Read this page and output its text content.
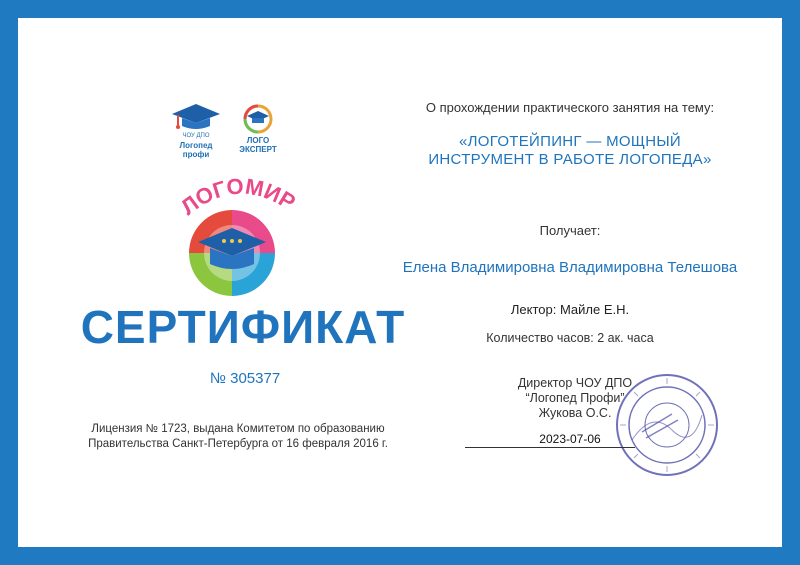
ЧОУ ДПО
Логопед
профи
ЛОГО
ЭКСПЕРТ
ЛОГОМИР
СЕРТИФИКАТ
№ 305377
Лицензия № 1723, выдана Комитетом по образованию
Правительства Санкт-Петербурга от 16 февраля 2016 г.
О прохождении практического занятия на тему:
«ЛОГОТЕЙПИНГ — МОЩНЫЙ
ИНСТРУМЕНТ В РАБОТЕ ЛОГОПЕДА»
Получает:
Елена Владимировна Владимировна Телешова
Лектор: Майле Е.Н.
Количество часов: 2 ак. часа
Директор ЧОУ ДПО
“Логопед Профи”
Жукова О.С.
2023-07-06
